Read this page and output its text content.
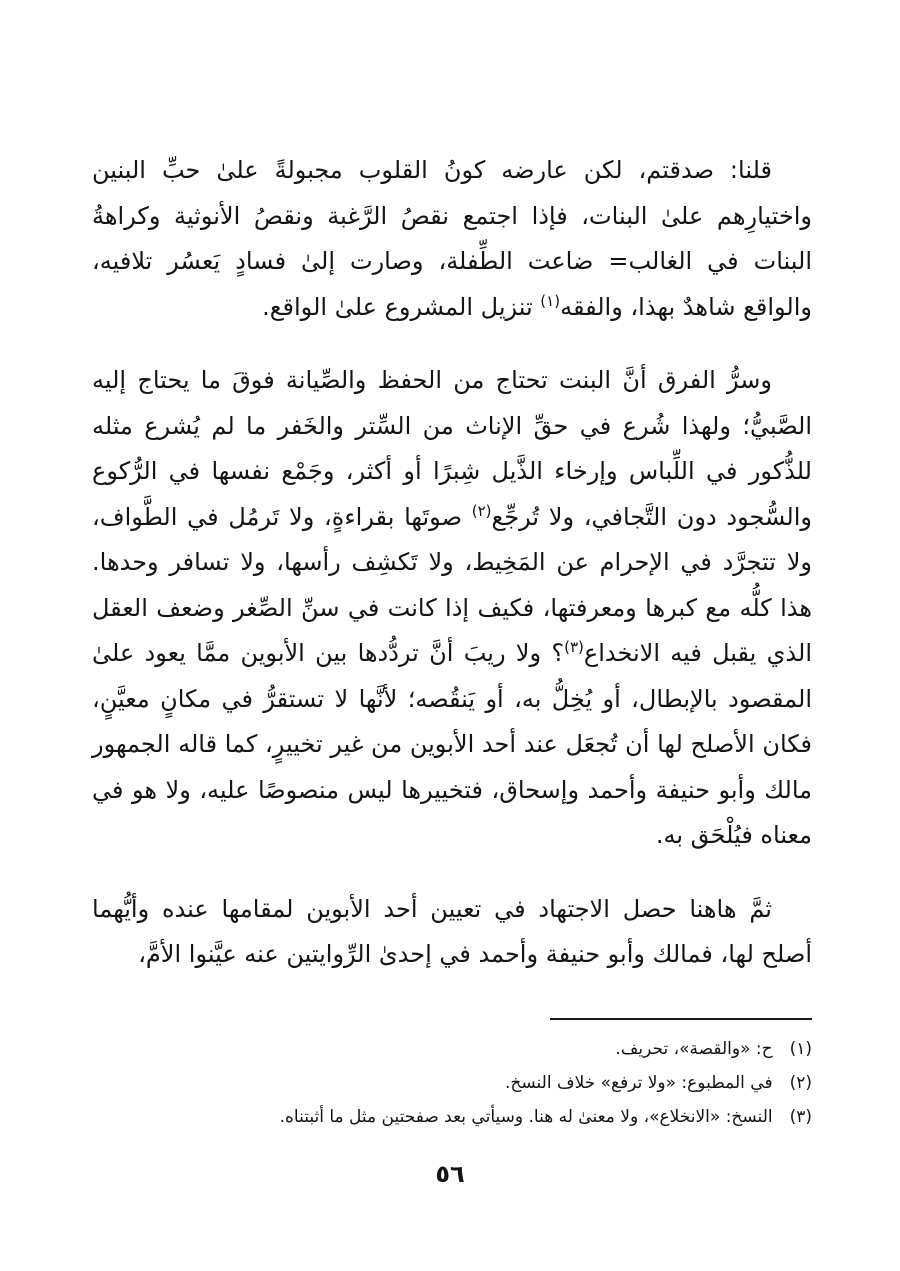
قلنا: صدقتم، لكن عارضه كونُ القلوب مجبولةً علىٰ حبِّ البنين واختيارِهم علىٰ البنات، فإذا اجتمع نقصُ الرَّغبة ونقصُ الأنوثية وكراهةُ البنات في الغالب= ضاعت الطِّفلة، وصارت إلىٰ فسادٍ يَعسُر تلافيه، والواقع شاهدٌ بهذا، والفقه$^{(١)}$ تنزيل المشروع علىٰ الواقع.

وسرُّ الفرق أنَّ البنت تحتاج من الحفظ والصِّيانة فوقَ ما يحتاج إليه الصَّبيُّ؛ ولهذا شُرع في حقِّ الإناث من السِّتر والخَفر ما لم يُشرع مثله للذُّكور في اللِّباس وإرخاء الذَّيل شِبرًا أو أكثر، وجَمْع نفسها في الرُّكوع والسُّجود دون التَّجافي، ولا تُرجِّع$^{(٢)}$ صوتَها بقراءةٍ، ولا تَرمُل في الطَّواف، ولا تتجرَّد في الإحرام عن المَخِيط، ولا تَكشِف رأسها، ولا تسافر وحدها. هذا كلُّه مع كبرها ومعرفتها، فكيف إذا كانت في سنِّ الصِّغر وضعف العقل الذي يقبل فيه الانخداع$^{(٣)}$؟ ولا ريبَ أنَّ تردُّدها بين الأبوين ممَّا يعود علىٰ المقصود بالإبطال، أو يُخِلُّ به، أو يَنقُصه؛ لأنَّها لا تستقرُّ في مكانٍ معيَّنٍ، فكان الأصلح لها أن تُجعَل عند أحد الأبوين من غير تخييرٍ، كما قاله الجمهور مالك وأبو حنيفة وأحمد وإسحاق، فتخييرها ليس منصوصًا عليه، ولا هو في معناه فيُلْحَق به.

ثمَّ هاهنا حصل الاجتهاد في تعيين أحد الأبوين لمقامها عنده وأيُّهما أصلح لها، فمالك وأبو حنيفة وأحمد في إحدىٰ الرِّوايتين عنه عيَّنوا الأمَّ،

(١) ح: «والقصة»، تحريف.
(٢) في المطبوع: «ولا ترفع» خلاف النسخ.
(٣) النسخ: «الانخلاع»، ولا معنىٰ له هنا. وسيأتي بعد صفحتين مثل ما أثبتناه.
٥٦
